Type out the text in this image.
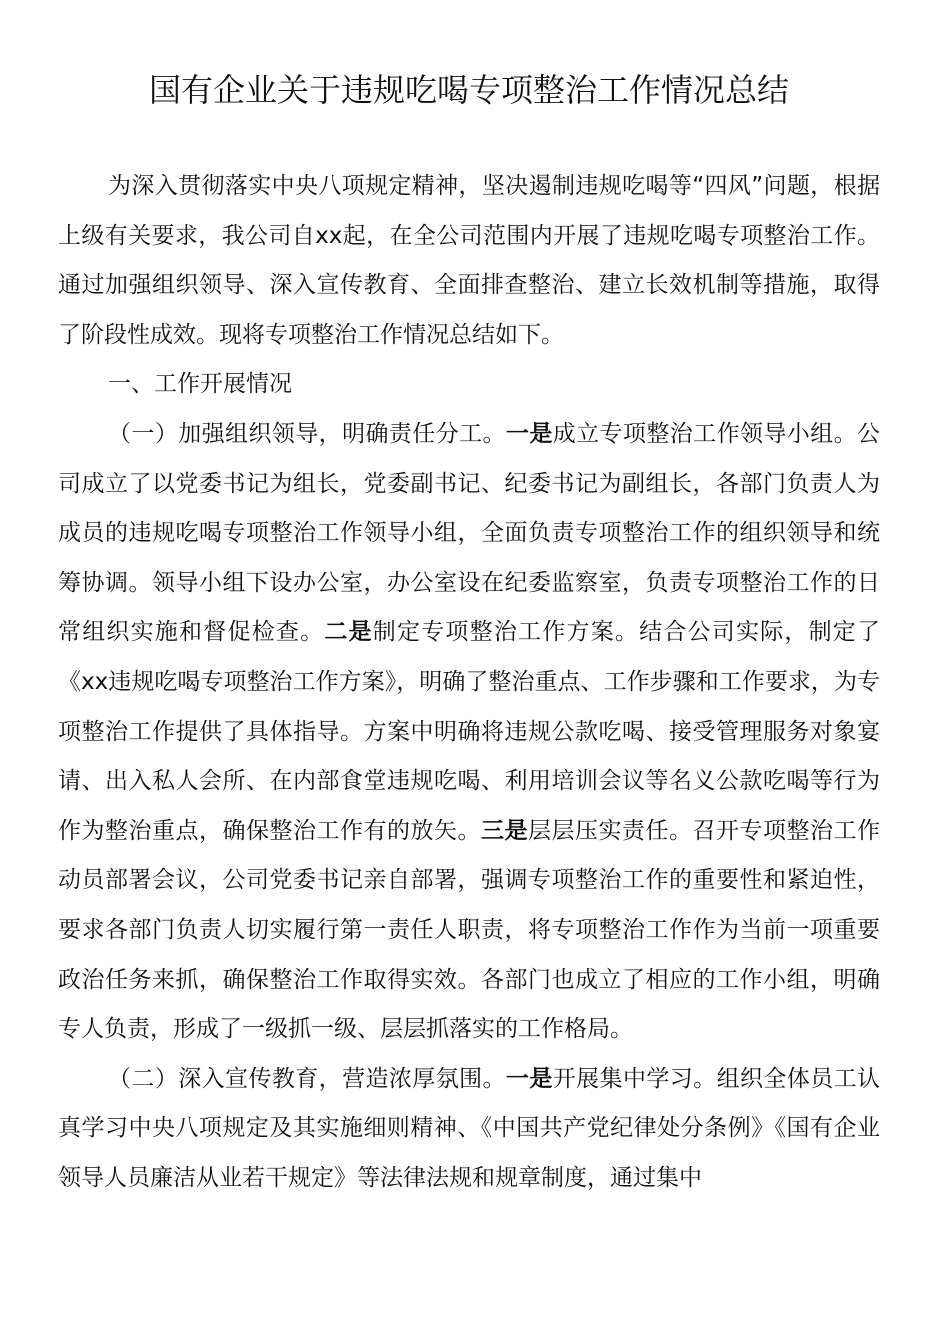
国有企业关于违规吃喝专项整治工作情况总结

为深入贯彻落实中央八项规定精神，坚决遏制违规吃喝等“四风”问题，根据上级有关要求，我公司自xx起，在全公司范围内开展了违规吃喝专项整治工作。通过加强组织领导、深入宣传教育、全面排查整治、建立长效机制等措施，取得了阶段性成效。现将专项整治工作情况总结如下。

一、工作开展情况

（一）加强组织领导，明确责任分工。一是成立专项整治工作领导小组。公司成立了以党委书记为组长，党委副书记、纪委书记为副组长，各部门负责人为成员的违规吃喝专项整治工作领导小组，全面负责专项整治工作的组织领导和统筹协调。领导小组下设办公室，办公室设在纪委监察室，负责专项整治工作的日常组织实施和督促检查。二是制定专项整治工作方案。结合公司实际，制定了《xx违规吃喝专项整治工作方案》，明确了整治重点、工作步骤和工作要求，为专项整治工作提供了具体指导。方案中明确将违规公款吃喝、接受管理服务对象宴请、出入私人会所、在内部食堂违规吃喝、利用培训会议等名义公款吃喝等行为作为整治重点，确保整治工作有的放矢。三是层层压实责任。召开专项整治工作动员部署会议，公司党委书记亲自部署，强调专项整治工作的重要性和紧迫性，要求各部门负责人切实履行第一责任人职责，将专项整治工作作为当前一项重要政治任务来抓，确保整治工作取得实效。各部门也成立了相应的工作小组，明确专人负责，形成了一级抓一级、层层抓落实的工作格局。

（二）深入宣传教育，营造浓厚氛围。一是开展集中学习。组织全体员工认真学习中央八项规定及其实施细则精神、《中国共产党纪律处分条例》《国有企业领导人员廉洁从业若干规定》等法律法规和规章制度，通过集中
